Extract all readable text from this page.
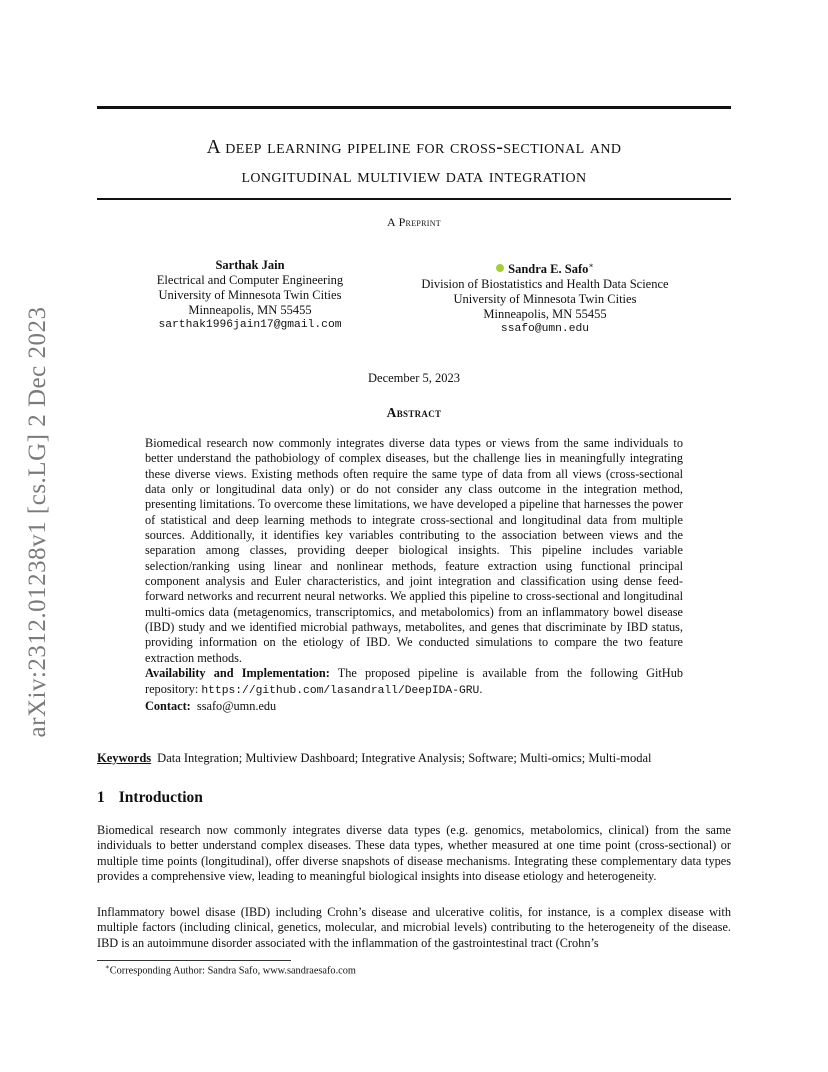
arXiv:2312.01238v1 [cs.LG] 2 Dec 2023
A deep learning pipeline for cross-sectional and
longitudinal multiview data integration
A Preprint
Sarthak Jain
Electrical and Computer Engineering
University of Minnesota Twin Cities
Minneapolis, MN 55455
sarthak1996jain17@gmail.com
Sandra E. Safo∗
Division of Biostatistics and Health Data Science
University of Minnesota Twin Cities
Minneapolis, MN 55455
ssafo@umn.edu
December 5, 2023
Abstract

Biomedical research now commonly integrates diverse data types or views from the same individuals to better understand the pathobiology of complex diseases, but the challenge lies in meaningfully integrating these diverse views. Existing methods often require the same type of data from all views (cross-sectional data only or longitudinal data only) or do not consider any class outcome in the integration method, presenting limitations. To overcome these limitations, we have developed a pipeline that harnesses the power of statistical and deep learning methods to integrate cross-sectional and longitudinal data from multiple sources. Additionally, it identifies key variables contributing to the association between views and the separation among classes, providing deeper biological insights. This pipeline includes variable selection/ranking using linear and nonlinear methods, feature extraction using functional principal component analysis and Euler characteristics, and joint integration and classification using dense feed-forward networks and recurrent neural networks. We applied this pipeline to cross-sectional and longitudinal multi-omics data (metagenomics, transcriptomics, and metabolomics) from an inflammatory bowel disease (IBD) study and we identified microbial pathways, metabolites, and genes that discriminate by IBD status, providing information on the etiology of IBD. We conducted simulations to compare the two feature extraction methods.

Availability and Implementation: The proposed pipeline is available from the following GitHub repository: https://github.com/lasandrall/DeepIDA-GRU.

Contact: ssafo@umn.edu

Keywords Data Integration; Multiview Dashboard; Integrative Analysis; Software; Multi-omics; Multi-modal
1 Introduction

Biomedical research now commonly integrates diverse data types (e.g. genomics, metabolomics, clinical) from the same individuals to better understand complex diseases. These data types, whether measured at one time point (cross-sectional) or multiple time points (longitudinal), offer diverse snapshots of disease mechanisms. Integrating these complementary data types provides a comprehensive view, leading to meaningful biological insights into disease etiology and heterogeneity.

Inflammatory bowel disase (IBD) including Crohn’s disease and ulcerative colitis, for instance, is a complex disease with multiple factors (including clinical, genetics, molecular, and microbial levels) contributing to the heterogeneity of the disease. IBD is an autoimmune disorder associated with the inflammation of the gastrointestinal tract (Crohn’s

∗Corresponding Author: Sandra Safo, www.sandraesafo.com
